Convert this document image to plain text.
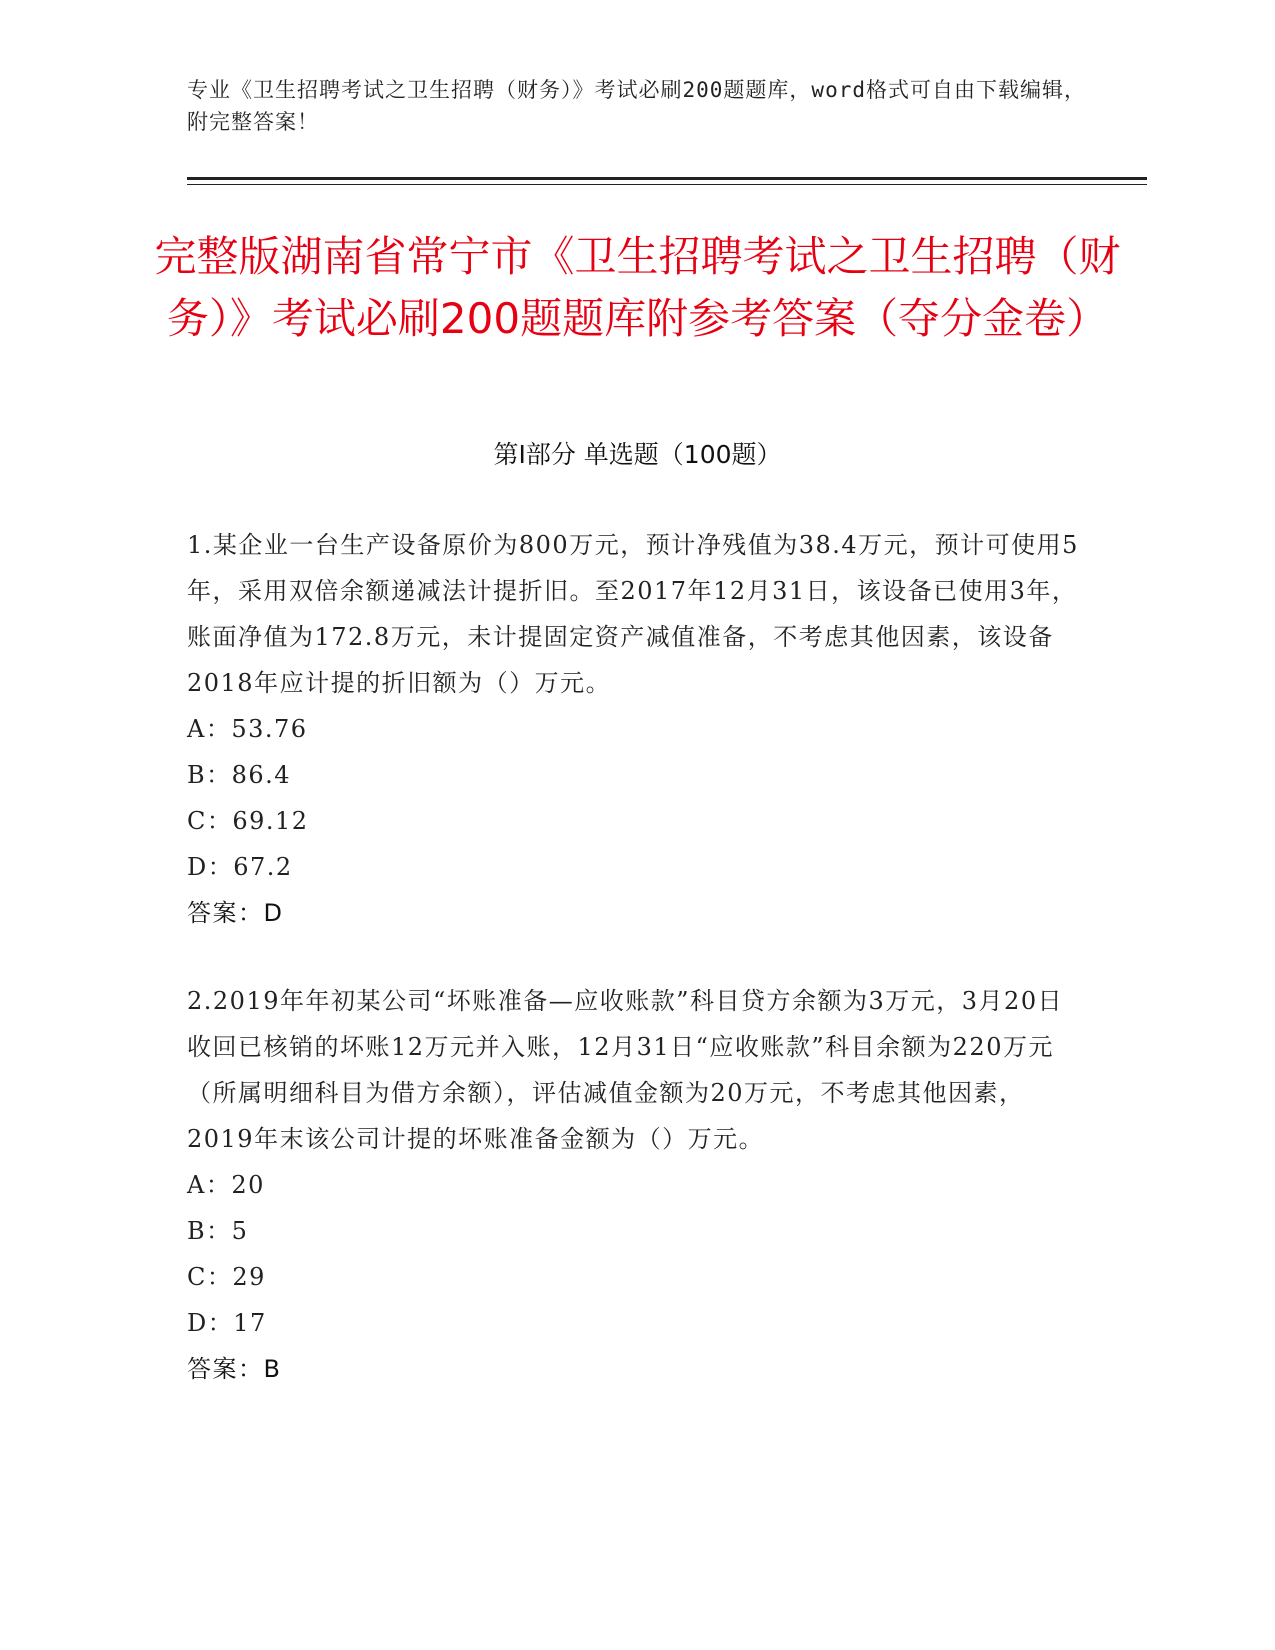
专业《卫生招聘考试之卫生招聘（财务）》考试必刷200题题库，word格式可自由下载编辑，附完整答案！
完整版湖南省常宁市《卫生招聘考试之卫生招聘（财务）》考试必刷200题题库附参考答案（夺分金卷）
第I部分 单选题（100题）
1.某企业一台生产设备原价为800万元，预计净残值为38.4万元，预计可使用5年，采用双倍余额递减法计提折旧。至2017年12月31日，该设备已使用3年，账面净值为172.8万元，未计提固定资产减值准备，不考虑其他因素，该设备2018年应计提的折旧额为（）万元。
A：53.76
B：86.4
C：69.12
D：67.2
答案：D
2.2019年年初某公司“坏账准备—应收账款”科目贷方余额为3万元，3月20日收回已核销的坏账12万元并入账，12月31日“应收账款”科目余额为220万元（所属明细科目为借方余额），评估减值金额为20万元，不考虑其他因素，2019年末该公司计提的坏账准备金额为（）万元。
A：20
B：5
C：29
D：17
答案：B
